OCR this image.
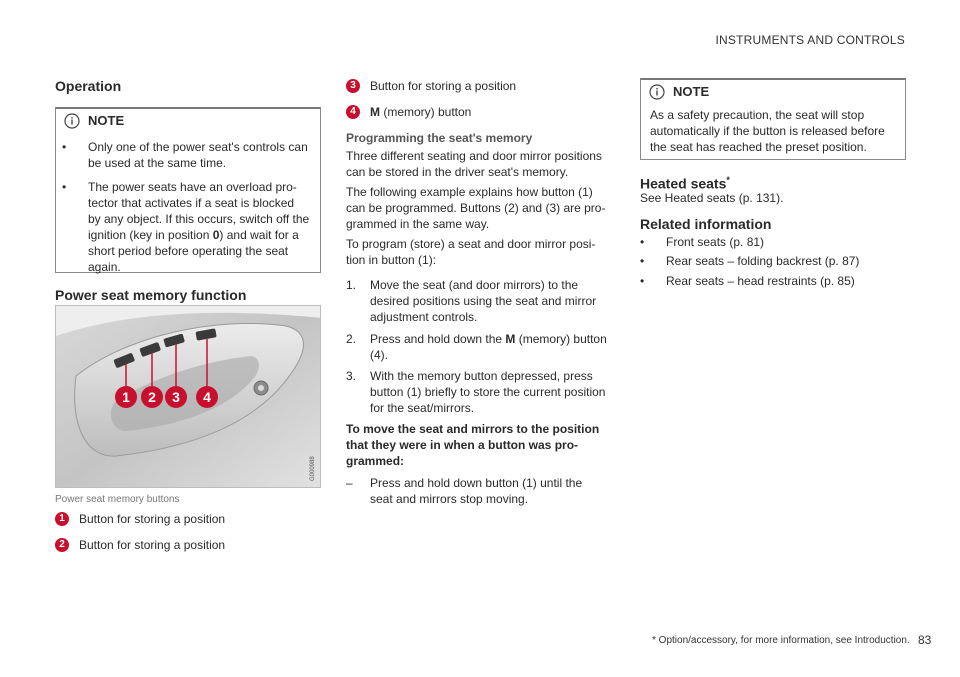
INSTRUMENTS AND CONTROLS
Operation
NOTE
• Only one of the power seat's controls can
be used at the same time.
• The power seats have an overload pro-
tector that activates if a seat is blocked
by any object. If this occurs, switch off the
ignition (key in position 0) and wait for a
short period before operating the seat
again.
Power seat memory function
1 2 3 4
G000988
Power seat memory buttons
1	Button for storing a position
2	Button for storing a position
3	Button for storing a position
4	M (memory) button
Programming the seat's memory

Three different seating and door mirror positions
can be stored in the driver seat's memory.

The following example explains how button (1)
can be programmed. Buttons (2) and (3) are pro-
grammed in the same way.

To program (store) a seat and door mirror posi-
tion in button (1):

1. Move the seat (and door mirrors) to the
desired positions using the seat and mirror
adjustment controls.
2. Press and hold down the M (memory) button
(4).
3. With the memory button depressed, press
button (1) briefly to store the current position
for the seat/mirrors.
To move the seat and mirrors to the position
that they were in when a button was pro-
grammed:
– Press and hold down button (1) until the
seat and mirrors stop moving.
NOTE

As a safety precaution, the seat will stop
automatically if the button is released before
the seat has reached the preset position.

Heated seats*

See Heated seats (p. 131).

Related information
• Front seats (p. 81)
• Rear seats – folding backrest (p. 87)
• Rear seats – head restraints (p. 85)
* Option/accessory, for more information, see Introduction. 83
